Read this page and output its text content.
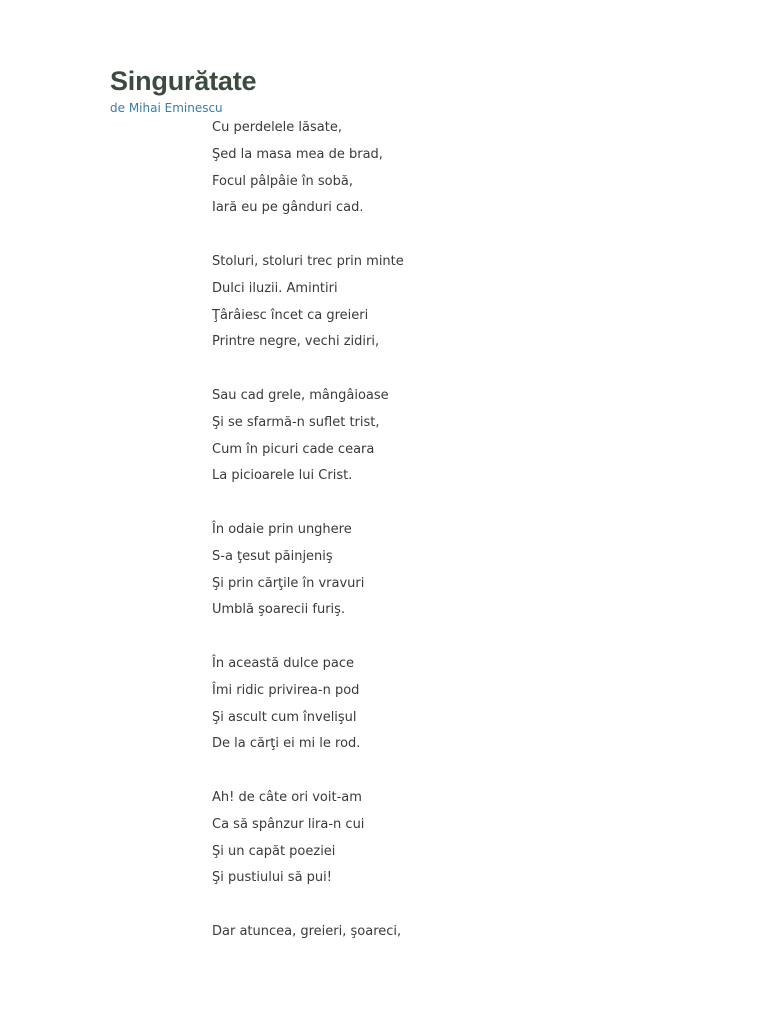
Singurătate
de Mihai Eminescu
Cu perdelele lăsate,
Şed la masa mea de brad,
Focul pâlpâie în sobă,
Iară eu pe gânduri cad.
Stoluri, stoluri trec prin minte
Dulci iluzii. Amintiri
Ţârâiesc încet ca greieri
Printre negre, vechi zidiri,
Sau cad grele, mângâioase
Şi se sfarmă-n suflet trist,
Cum în picuri cade ceara
La picioarele lui Crist.
În odaie prin unghere
S-a ţesut păinjeniş
Şi prin cărţile în vravuri
Umblă şoarecii furiş.
În această dulce pace
Îmi ridic privirea-n pod
Şi ascult cum învelişul
De la cărţi ei mi le rod.
Ah! de câte ori voit-am
Ca să spânzur lira-n cui
Şi un capăt poeziei
Şi pustiului să pui!
Dar atuncea, greieri, şoareci,
